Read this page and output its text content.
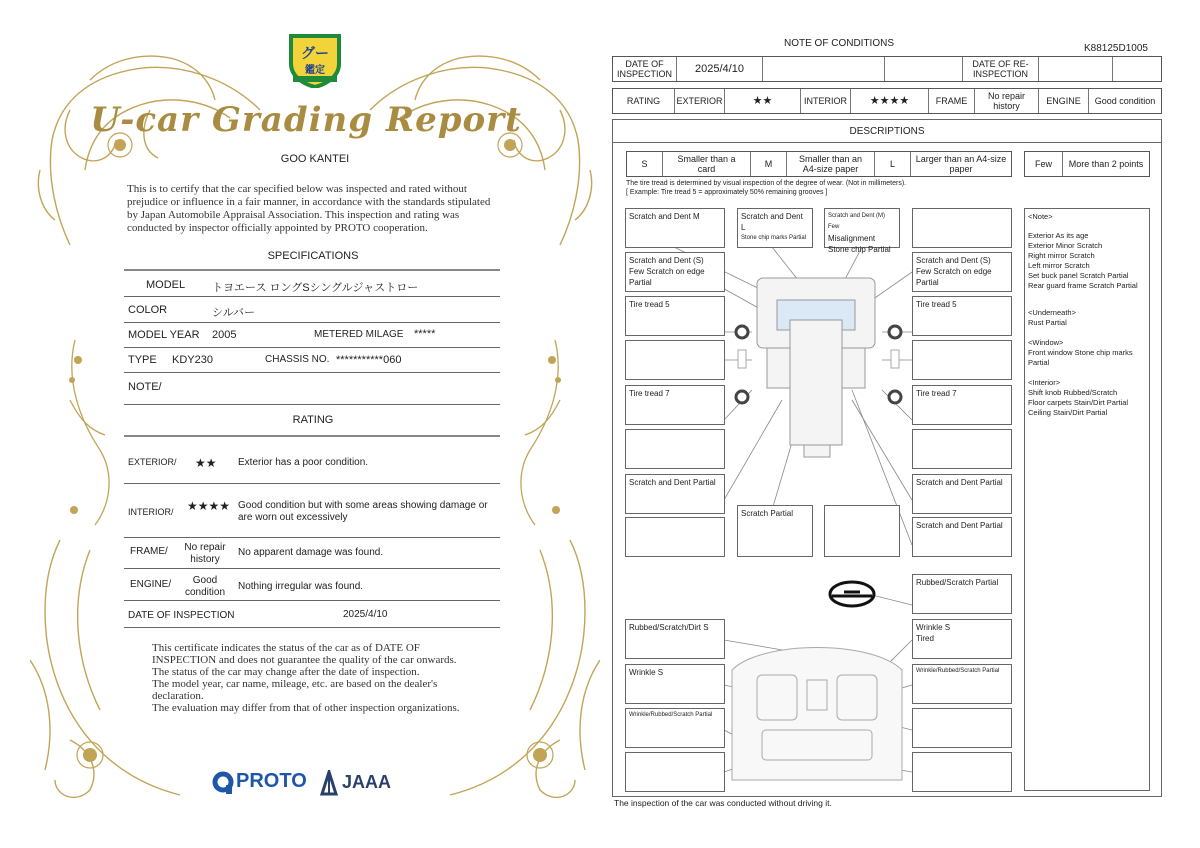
グー
鑑定
U-car Grading Report
GOO KANTEI
This is to certify that the car specified below was inspected and rated without prejudice or influence in a fair manner, in accordance with the standards stipulated by Japan Automobile Appraisal Association. This inspection and rating was conducted by inspector officially appointed by PROTO cooperation.
SPECIFICATIONS
MODEL トヨエース ロングSシングルジャストロー
COLOR	シルバー
MODEL YEAR 2005	METERED MILAGE *****
TYPE KDY230	CHASSIS NO. ***********060
NOTE/
RATING
EXTERIOR/ ★★ Exterior has a poor condition.
INTERIOR/ ★★★★ Good condition but with some areas showing damage or are worn out excessively
FRAME/	No repair history
No apparent damage was found.
ENGINE/	Good condition
Nothing irregular was found.
DATE OF INSPECTION	2025/4/10
This certificate indicates the status of the car as of DATE OF INSPECTION and does not guarantee the quality of the car onwards.
The status of the car may change after the date of inspection.
The model year, car name, mileage, etc. are based on the dealer's declaration.
The evaluation may differ from that of other inspection organizations.
PROTO JAAA
NOTE OF CONDITIONS	K88125D1005
DATE OF INSPECTION	2025/4/10	DATE OF RE-INSPECTION
RATING	EXTERIOR	★★	INTERIOR	★★★★	FRAME	No repair history	ENGINE	Good condition
DESCRIPTIONS
S	Smaller than a card	M	Smaller than an A4-size paper	L	Larger than an A4-size paper	Few	More than 2 points
The tire tread is determined by visual inspection of the degree of wear. (Not in millimeters).
[ Example: Tire tread 5 = approximately 50% remaining grooves ]
Scratch and Dent M	Scratch and Dent L
Stone chip marks Partial
Scratch and Dent (M) Few
Misalignment
Stone chip Partial
Scratch and Dent (S) Few Scratch on edge Partial
Scratch and Dent (S) Few Scratch on edge Partial
Tire tread 5	Tire tread 5
Tire tread 7	Tire tread 7
Scratch and Dent Partial	Scratch and Dent Partial
Scratch Partial
Scratch and Dent Partial
Rubbed/Scratch Partial
Rubbed/Scratch/Dirt S	Wrinkle S
Tired
Wrinkle S	Wrinkle/Rubbed/Scratch Partial
Wrinkle/Rubbed/Scratch Partial

<Note>

Exterior As its age
Exterior Minor Scratch
Right mirror Scratch
Left mirror Scratch
Set buck panel Scratch Partial
Rear guard frame Scratch Partial

<Underneath>
Rust Partial
<Window>
Front window Stone chip marks Partial
<Interior>
Shift knob Rubbed/Scratch
Floor carpets Stain/Dirt Partial
Ceiling Stain/Dirt Partial
The inspection of the car was conducted without driving it.
